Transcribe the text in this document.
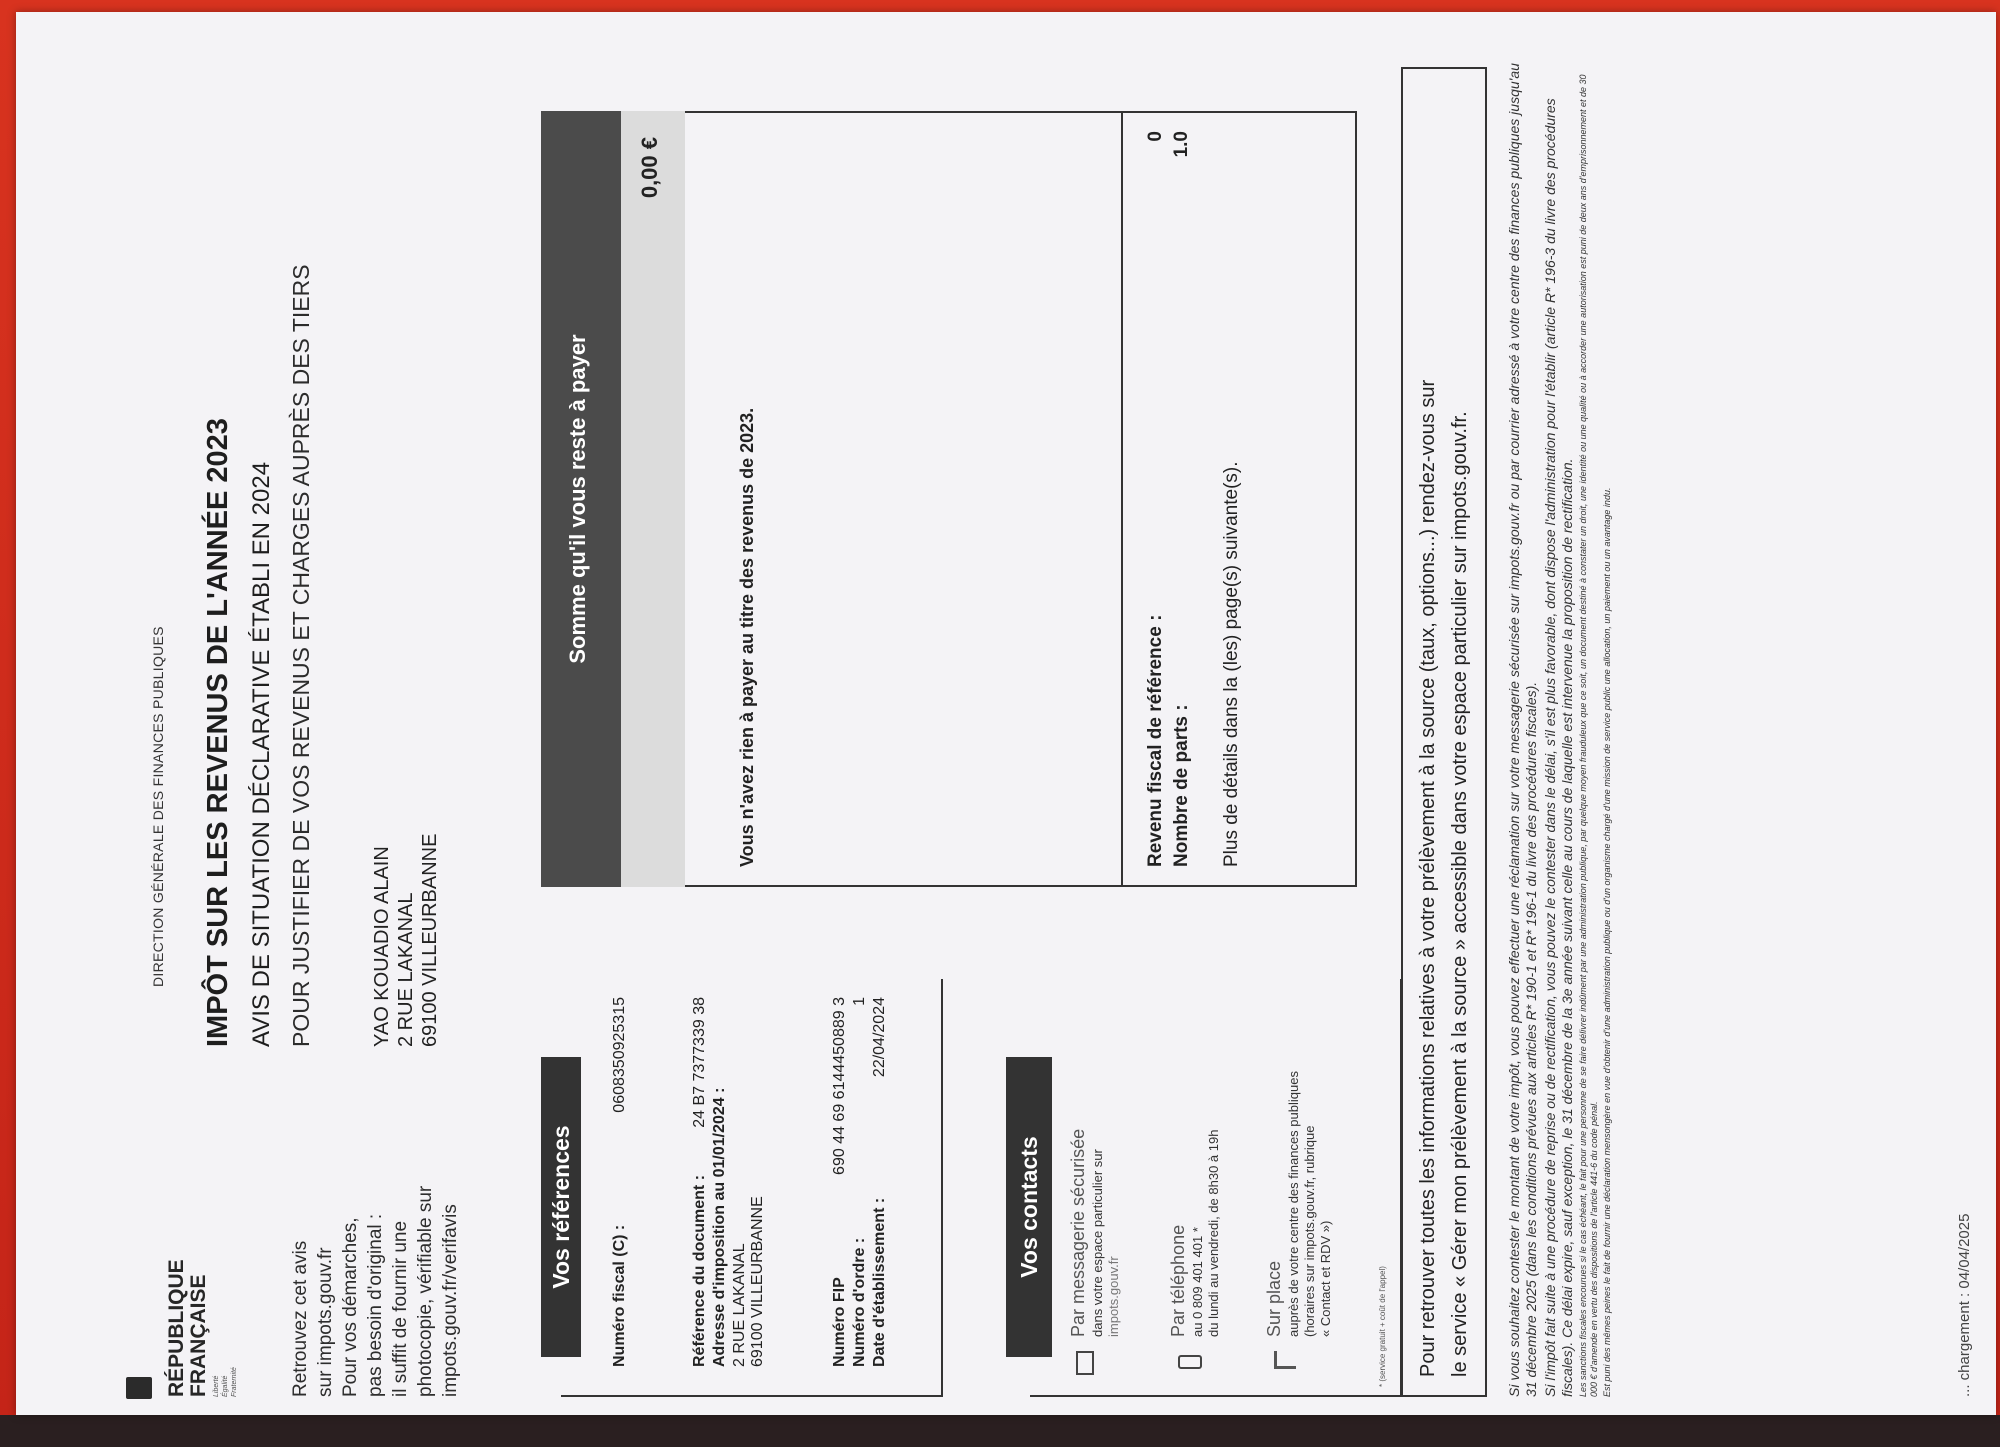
RÉPUBLIQUE FRANÇAISE Liberté Égalité Fraternité
DIRECTION GÉNÉRALE DES FINANCES PUBLIQUES IMPÔT SUR LES REVENUS DE L'ANNÉE 2023 AVIS DE SITUATION DÉCLARATIVE ÉTABLI EN 2024 POUR JUSTIFIER DE VOS REVENUS ET CHARGES AUPRÈS DES TIERS
Retrouvez cet avis sur impots.gouv.fr Pour vos démarches, pas besoin d'original : il suffit de fournir une photocopie, vérifiable sur impots.gouv.fr/verifavis
YAO KOUADIO ALAIN 2 RUE LAKANAL 69100 VILLEURBANNE
Vos références
Numéro fiscal (C) :
0608350925315
Référence du document :
24 B7 7377339 38
Adresse d'imposition au 01/01/2024 : 2 RUE LAKANAL 69100 VILLEURBANNE	Numéro FIP
690 44 69 6144450889 3
Numéro d'ordre :
1
Date d'établissement :
22/04/2024
Vos contacts	Par messagerie sécurisée dans votre espace particulier sur impots.gouv.fr	Par téléphone au 0 809 401 401 * du lundi au vendredi, de 8h30 à 19h Sur place auprès de votre centre des finances publiques (horaires sur impots.gouv.fr, rubrique « Contact et RDV »)	* (service gratuit + coût de l'appel)
Somme qu'il vous reste à payer
0,00 €
Vous n'avez rien à payer au titre des revenus de 2023.	Revenu fiscal de référence :
0
Nombre de parts :
1.0
Plus de détails dans la (les) page(s) suivante(s).	Pour retrouver toutes les informations relatives à votre prélèvement à la source (taux, options...) rendez-vous sur le service « Gérer mon prélèvement à la source » accessible dans votre espace particulier sur impots.gouv.fr.	Si vous souhaitez contester le montant de votre impôt, vous pouvez effectuer une réclamation sur votre messagerie sécurisée sur impots.gouv.fr ou par courrier adressé à votre centre des finances publiques jusqu'au 31 décembre 2025 (dans les conditions prévues aux articles R* 190-1 et R* 196-1 du livre des procédures fiscales). Si l'impôt fait suite à une procédure de reprise ou de rectification, vous pouvez le contester dans le délai, s'il est plus favorable, dont dispose l'administration pour l'établir (article R* 196-3 du livre des procédures fiscales). Ce délai expire, sauf exception, le 31 décembre de la 3e année suivant celle au cours de laquelle est intervenue la proposition de rectification. Les sanctions fiscales encourues si le cas échéant, le fait pour une personne de se faire délivrer indûment par une administration publique, par quelque moyen frauduleux que ce soit, un document destiné à constater un droit, une identité ou une qualité ou à accorder une autorisation est puni de deux ans d'emprisonnement et de 30 000 € d'amende en vertu des dispositions de l'article 441-6 du code pénal. Est puni des mêmes peines le fait de fournir une déclaration mensongère en vue d'obtenir d'une administration publique ou d'un organisme chargé d'une mission de service public une allocation, un paiement ou un avantage indu.	... chargement : 04/04/2025
